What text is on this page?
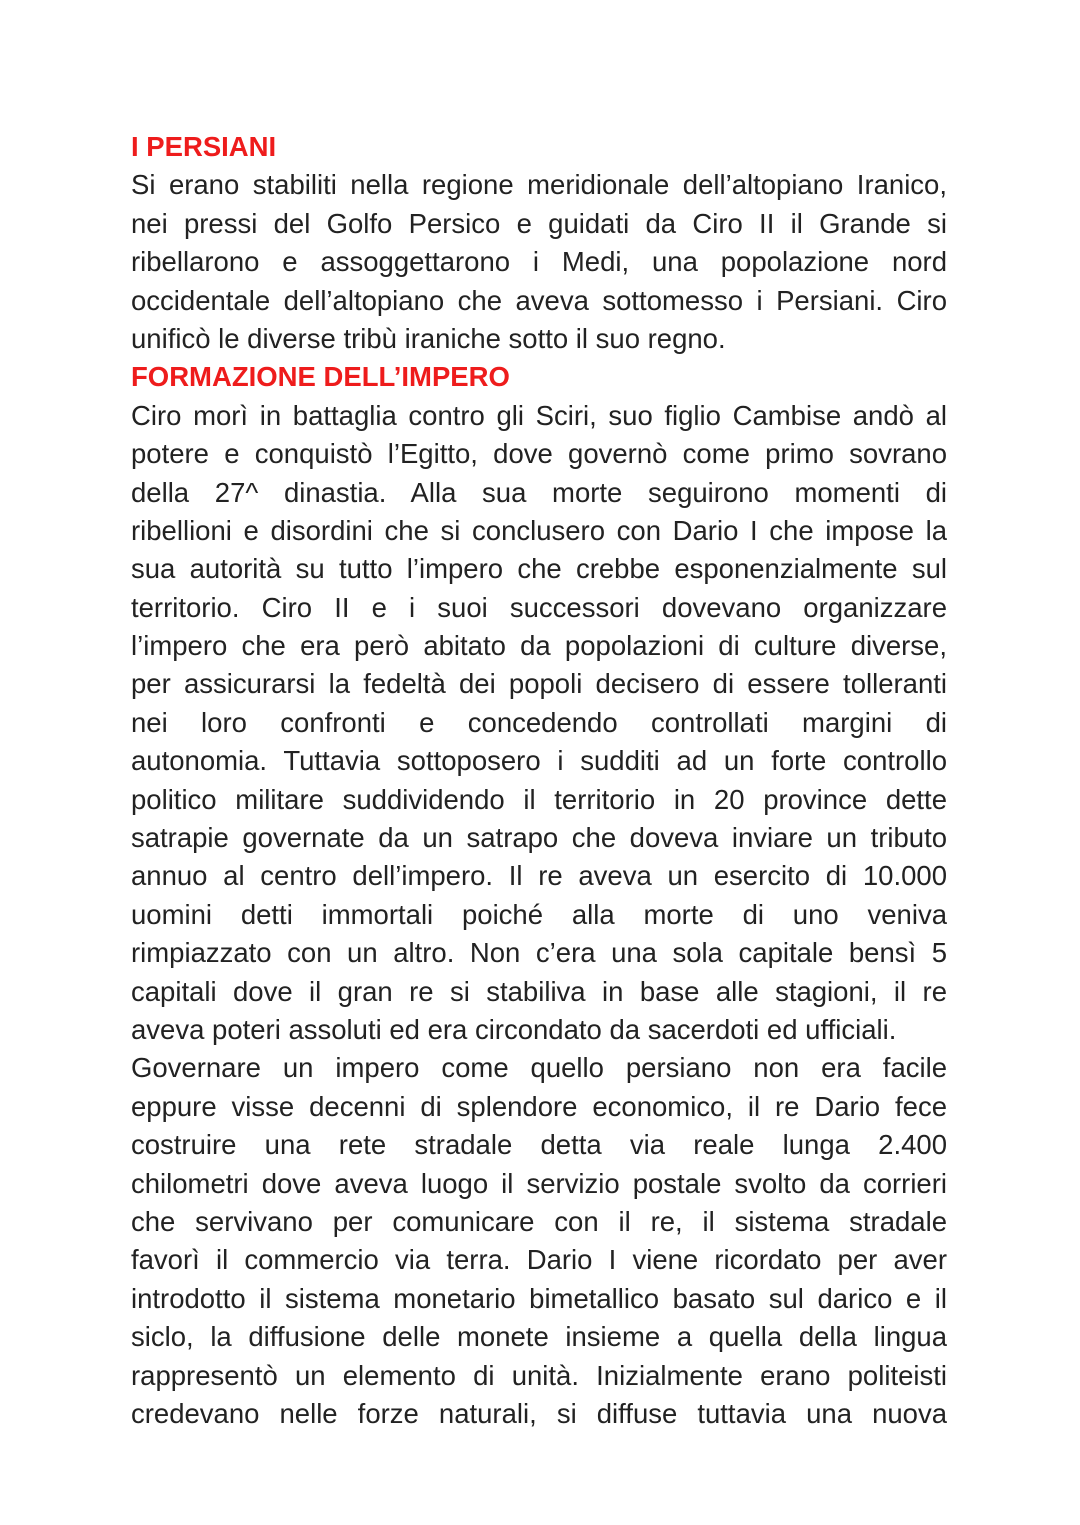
I PERSIANI
Si erano stabiliti nella regione meridionale dell’altopiano Iranico,
nei pressi del Golfo Persico e guidati da Ciro II il Grande si
ribellarono e assoggettarono i Medi, una popolazione nord
occidentale dell’altopiano che aveva sottomesso i Persiani. Ciro
unificò le diverse tribù iraniche sotto il suo regno.
FORMAZIONE DELL’IMPERO
Ciro morì in battaglia contro gli Sciri, suo figlio Cambise andò al
potere e conquistò l’Egitto, dove governò come primo sovrano
della 27^ dinastia. Alla sua morte seguirono momenti di
ribellioni e disordini che si conclusero con Dario I che impose la
sua autorità su tutto l’impero che crebbe esponenzialmente sul
territorio. Ciro II e i suoi successori dovevano organizzare
l’impero che era però abitato da popolazioni di culture diverse,
per assicurarsi la fedeltà dei popoli decisero di essere tolleranti
nei loro confronti e concedendo controllati margini di
autonomia. Tuttavia sottoposero i sudditi ad un forte controllo
politico militare suddividendo il territorio in 20 province dette
satrapie governate da un satrapo che doveva inviare un tributo
annuo al centro dell’impero. Il re aveva un esercito di 10.000
uomini detti immortali poiché alla morte di uno veniva
rimpiazzato con un altro. Non c’era una sola capitale bensì 5
capitali dove il gran re si stabiliva in base alle stagioni, il re
aveva poteri assoluti ed era circondato da sacerdoti ed ufficiali.
Governare un impero come quello persiano non era facile
eppure visse decenni di splendore economico, il re Dario fece
costruire una rete stradale detta via reale lunga 2.400
chilometri dove aveva luogo il servizio postale svolto da corrieri
che servivano per comunicare con il re, il sistema stradale
favorì il commercio via terra. Dario I viene ricordato per aver
introdotto il sistema monetario bimetallico basato sul darico e il
siclo, la diffusione delle monete insieme a quella della lingua
rappresentò un elemento di unità. Inizialmente erano politeisti
credevano nelle forze naturali, si diffuse tuttavia una nuova
